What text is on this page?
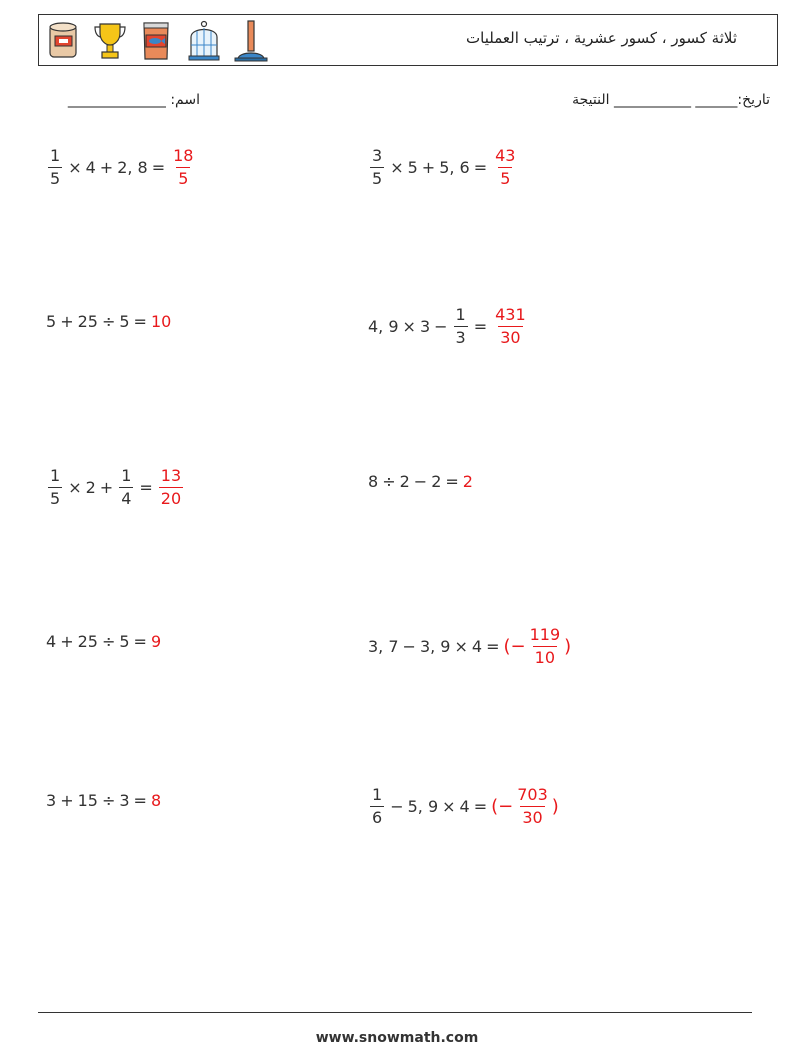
ثلاثة كسور ، كسور عشرية ، ترتيب العمليات
اسم: ______________	تاريخ:______ ___________ النتيجة
$\frac{1}{5} \times 4 + 2$, $8 = \frac{18}{5}$	$\frac{3}{5} \times 5 + 5$, $6 = \frac{43}{5}$
5 + 25 ÷ 5 = 10	4, $9 \times 3 - \frac{1}{3} = \frac{431}{30}$
$\frac{1}{5} \times 2 + \frac{1}{4} = \frac{13}{20}$	8 ÷ 2 − 2 = 2
4 + 25 ÷ 5 = 9	3, 7 − 3, 9 × 4 = (− $\frac{119}{10}$ )
3 + 15 ÷ 3 = 8	$\frac{1}{6} - 5$, 9 × 4 = (− $\frac{703}{30}$ )
www.snowmath.com
